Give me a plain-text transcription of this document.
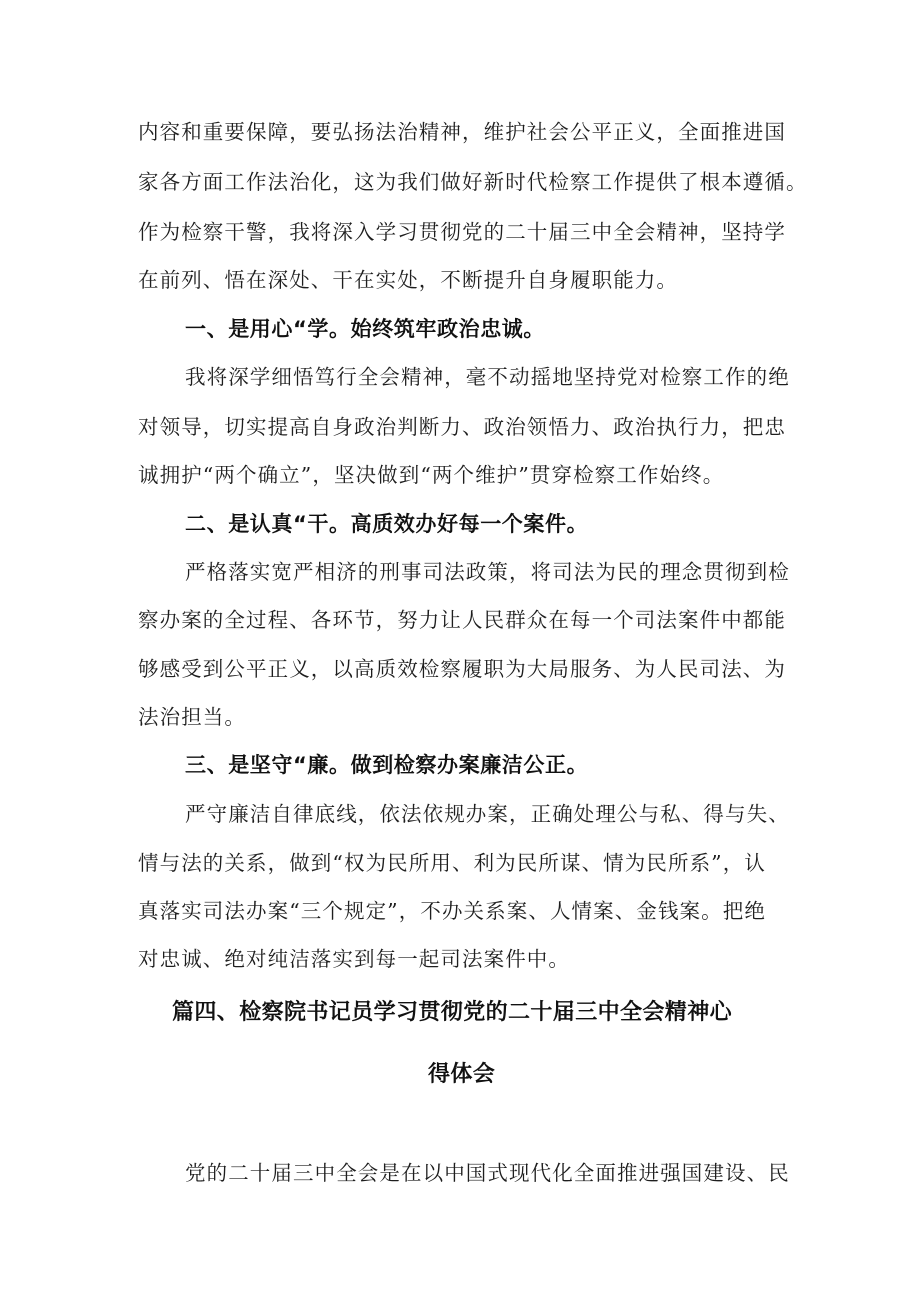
内容和重要保障，要弘扬法治精神，维护社会公平正义，全面推进国
家各方面工作法治化，这为我们做好新时代检察工作提供了根本遵循。
作为检察干警，我将深入学习贯彻党的二十届三中全会精神，坚持学
在前列、悟在深处、干在实处，不断提升自身履职能力。
一、是用心“学。始终筑牢政治忠诚。
我将深学细悟笃行全会精神，毫不动摇地坚持党对检察工作的绝
对领导，切实提高自身政治判断力、政治领悟力、政治执行力，把忠
诚拥护“两个确立”，坚决做到“两个维护”贯穿检察工作始终。
二、是认真“干。高质效办好每一个案件。
严格落实宽严相济的刑事司法政策，将司法为民的理念贯彻到检
察办案的全过程、各环节，努力让人民群众在每一个司法案件中都能
够感受到公平正义，以高质效检察履职为大局服务、为人民司法、为
法治担当。
三、是坚守“廉。做到检察办案廉洁公正。
严守廉洁自律底线，依法依规办案，正确处理公与私、得与失、
情与法的关系，做到“权为民所用、利为民所谋、情为民所系”，认
真落实司法办案“三个规定”，不办关系案、人情案、金钱案。把绝
对忠诚、绝对纯洁落实到每一起司法案件中。
篇四、检察院书记员学习贯彻党的二十届三中全会精神心
得体会
党的二十届三中全会是在以中国式现代化全面推进强国建设、民
